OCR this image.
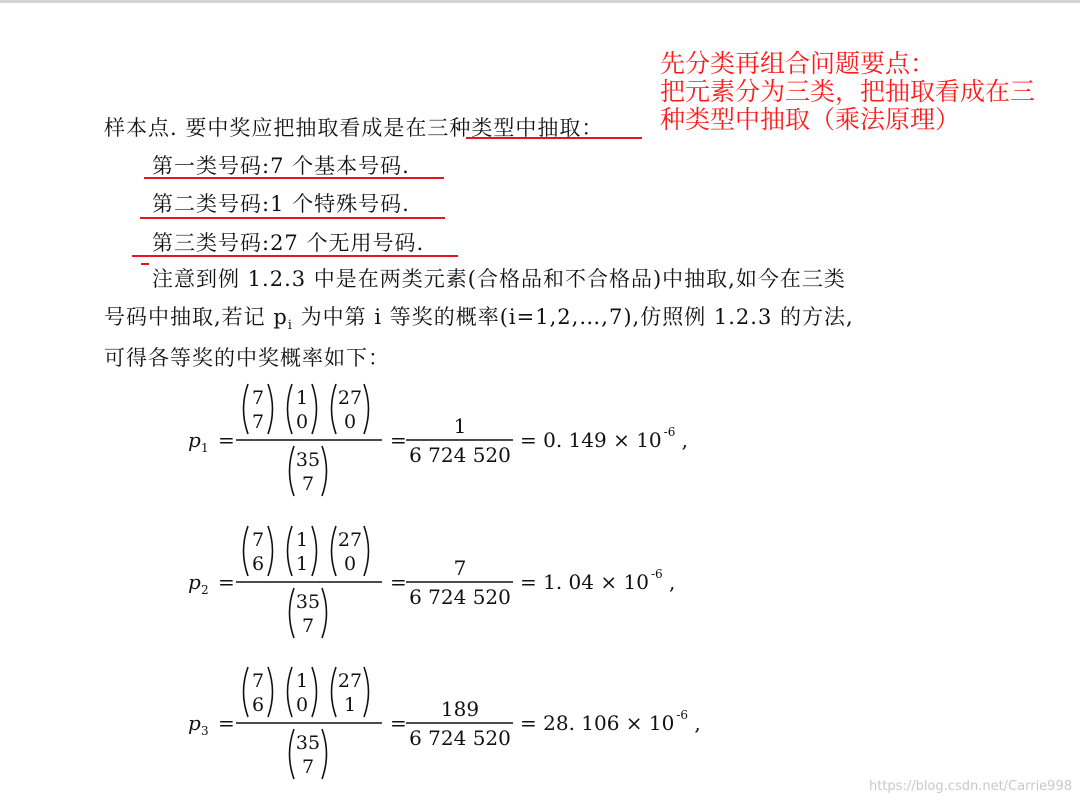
样本点. 要中奖应把抽取看成是在三种类型中抽取：
先分类再组合问题要点：
把元素分为三类，把抽取看成在三
种类型中抽取（乘法原理）
第一类号码:7 个基本号码.
第二类号码:1 个特殊号码.
第三类号码:27 个无用号码.
注意到例 1.2.3 中是在两类元素(合格品和不合格品)中抽取,如今在三类
号码中抽取,若记 $p_i$ 为中第 i 等奖的概率(i=1,2,…,7),仿照例 1.2.3 的方法,
可得各等奖的中奖概率如下：
p 1 =
7
7
1
0
27
0
35
7
=
1
6 724 520
= 0. 149 × 10 -6 ,
p 2 =
7
6
1
1
27
0
35
7
=
7
6 724 520
= 1. 04 × 10 -6 ,
p 3 =
7
6
1
0
27
1
35
7
=
189
6 724 520
= 28. 106 × 10 -6 ,
https://blog.csdn.net/Carrie998
